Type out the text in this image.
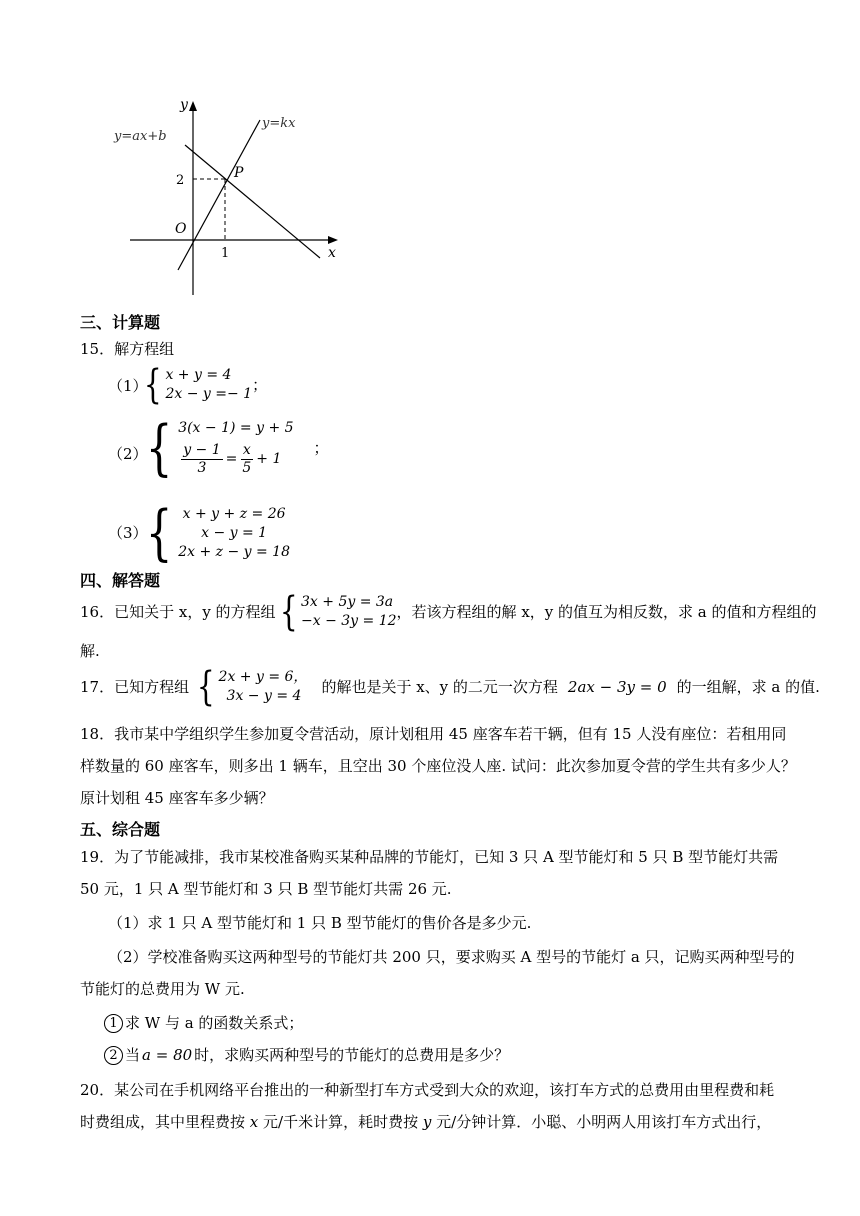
y
x
O
P
2
1
y=ax+b
y=kx
三、计算题
15．解方程组
（1）
{ x + y = 4
2x − y =− 1 ；
（2）
{ 3(x − 1) = y + 5
$\frac{y - 1}{3} = \frac{x}{5} + 1$
；
（3）
{ x + y + z = 26
x − y = 1
2x + z − y = 18
四、解答题
16．已知关于 x，y 的方程组 { 3x + 5y = 3a
−x − 3y = 12 ，若该方程组的解 x，y 的值互为相反数，求 a 的值和方程组的
解.
17．已知方程组 { 2x + y = 6，
3x − y = 4	的解也是关于 x、y 的二元一次方程 2ax − 3y = 0 的一组解，求 a 的值.
18．我市某中学组织学生参加夏令营活动，原计划租用 45 座客车若干辆，但有 15 人没有座位：若租用同
样数量的 60 座客车，则多出 1 辆车，且空出 30 个座位没人座. 试问：此次参加夏令营的学生共有多少人？
原计划租 45 座客车多少辆？
五、综合题
19．为了节能减排，我市某校准备购买某种品牌的节能灯，已知 3 只 A 型节能灯和 5 只 B 型节能灯共需
50 元，1 只 A 型节能灯和 3 只 B 型节能灯共需 26 元.
（1）求 1 只 A 型节能灯和 1 只 B 型节能灯的售价各是多少元.
（2）学校准备购买这两种型号的节能灯共 200 只，要求购买 A 型号的节能灯 a 只，记购买两种型号的
节能灯的总费用为 W 元.
1 求 W 与 a 的函数关系式；
2 当 a = 80 时，求购买两种型号的节能灯的总费用是多少？
20．某公司在手机网络平台推出的一种新型打车方式受到大众的欢迎，该打车方式的总费用由里程费和耗
时费组成，其中里程费按 x 元/千米计算，耗时费按 y 元/分钟计算．小聪、小明两人用该打车方式出行，
